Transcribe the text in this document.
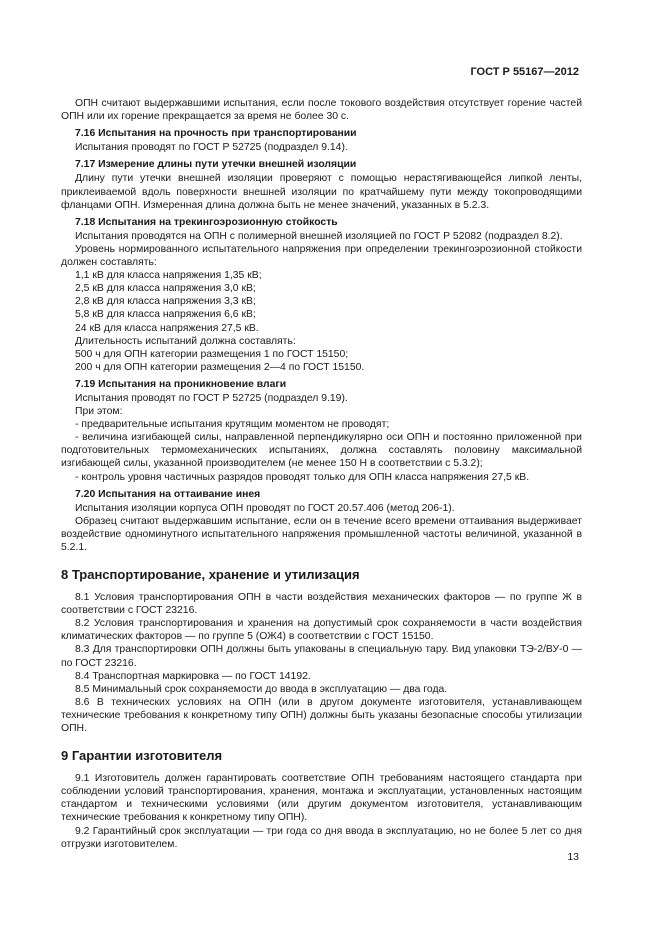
ГОСТ Р 55167—2012

ОПН считают выдержавшими испытания, если после токового воздействия отсутствует горение частей ОПН или их горение прекращается за время не более 30 с.

7.16 Испытания на прочность при транспортировании

Испытания проводят по ГОСТ Р 52725 (подраздел 9.14).

7.17 Измерение длины пути утечки внешней изоляции

Длину пути утечки внешней изоляции проверяют с помощью нерастягивающейся липкой ленты, приклеиваемой вдоль поверхности внешней изоляции по кратчайшему пути между токопроводящими фланцами ОПН. Измеренная длина должна быть не менее значений, указанных в 5.2.3.

7.18 Испытания на трекингоэрозионную стойкость

Испытания проводятся на ОПН с полимерной внешней изоляцией по ГОСТ Р 52082 (подраздел 8.2).

Уровень нормированного испытательного напряжения при определении трекингоэрозионной стойкости должен составлять:

1,1 кВ для класса напряжения 1,35 кВ;

2,5 кВ для класса напряжения 3,0 кВ;

2,8 кВ для класса напряжения 3,3 кВ;

5,8 кВ для класса напряжения 6,6 кВ;

24 кВ для класса напряжения 27,5 кВ.

Длительность испытаний должна составлять:

500 ч для ОПН категории размещения 1 по ГОСТ 15150;

200 ч для ОПН категории размещения 2—4 по ГОСТ 15150.

7.19 Испытания на проникновение влаги

Испытания проводят по ГОСТ Р 52725 (подраздел 9.19).

При этом:

- предварительные испытания крутящим моментом не проводят;

- величина изгибающей силы, направленной перпендикулярно оси ОПН и постоянно приложенной при подготовительных термомеханических испытаниях, должна составлять половину максимальной изгибающей силы, указанной производителем (не менее 150 Н в соответствии с 5.3.2);

- контроль уровня частичных разрядов проводят только для ОПН класса напряжения 27,5 кВ.

7.20 Испытания на оттаивание инея

Испытания изоляции корпуса ОПН проводят по ГОСТ 20.57.406 (метод 206-1).

Образец считают выдержавшим испытание, если он в течение всего времени оттаивания выдерживает воздействие одноминутного испытательного напряжения промышленной частоты величиной, указанной в 5.2.1.

8 Транспортирование, хранение и утилизация

8.1 Условия транспортирования ОПН в части воздействия механических факторов — по группе Ж в соответствии с ГОСТ 23216.

8.2 Условия транспортирования и хранения на допустимый срок сохраняемости в части воздействия климатических факторов — по группе 5 (ОЖ4) в соответствии с ГОСТ 15150.

8.3 Для транспортировки ОПН должны быть упакованы в специальную тару. Вид упаковки ТЭ-2/ВУ-0 — по ГОСТ 23216.

8.4 Транспортная маркировка — по ГОСТ 14192.

8.5 Минимальный срок сохраняемости до ввода в эксплуатацию — два года.

8.6 В технических условиях на ОПН (или в другом документе изготовителя, устанавливающем технические требования к конкретному типу ОПН) должны быть указаны безопасные способы утилизации ОПН.

9 Гарантии изготовителя

9.1 Изготовитель должен гарантировать соответствие ОПН требованиям настоящего стандарта при соблюдении условий транспортирования, хранения, монтажа и эксплуатации, установленных настоящим стандартом и техническими условиями (или другим документом изготовителя, устанавливающим технические требования к конкретному типу ОПН).

9.2 Гарантийный срок эксплуатации — три года со дня ввода в эксплуатацию, но не более 5 лет со дня отгрузки изготовителем.

13
